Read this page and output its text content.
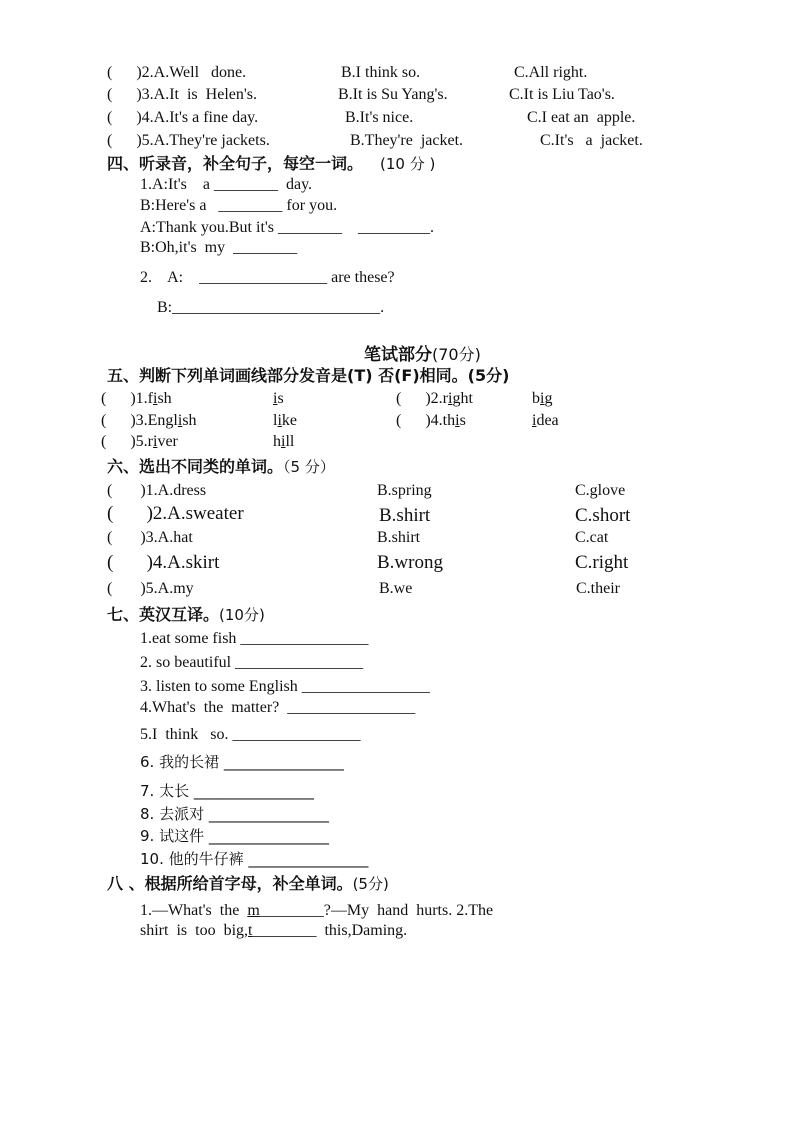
(      )2.A.Well   done.	B.I think so.	C.All right.
(      )3.A.It  is  Helen's.	B.It is Su Yang's.	C.It is Liu Tao's.
(      )4.A.It's a fine day.	B.It's nice.	C.I eat an  apple.
(      )5.A.They're jackets.	B.They're  jacket.	C.It's   a  jacket.
四、听录音，补全句子，每空一词。 (10 分 )
1.A:It's    a ________  day.
B:Here's a   ________ for you.
A:Thank you.But it's ________    _________.
B:Oh,it's  my  ________
2.    A:    ________________ are these?
B:__________________________.

笔试部分(70分)

五、判断下列单词画线部分发音是(T) 否(F)相同。(5分)
(      )1.fish	is	(      )2.right	big
(      )3.English	like	(      )4.this	idea
(      )5.river	hill
六、选出不同类的单词。（5 分）
(       )1.A.dress	B.spring	C.glove
(       )2.A.sweater	B.shirt	C.short
(       )3.A.hat	B.shirt	C.cat
(       )4.A.skirt	B.wrong	C.right
(       )5.A.my	B.we	C.their
七、英汉互译。(10分)
1.eat some fish ________________
2. so beautiful ________________
3. listen to some English ________________
4.What's  the  matter?  ________________
5.I  think   so. ________________
6. 我的长裙 ________________
7. 太长 ________________
8. 去派对 ________________
9. 试这件 ________________
10. 他的牛仔裤 ________________
八 、根据所给首字母，补全单词。(5分)
1.—What's  the  m________?—My  hand  hurts. 2.The
shirt  is  too  big,t________  this,Daming.
